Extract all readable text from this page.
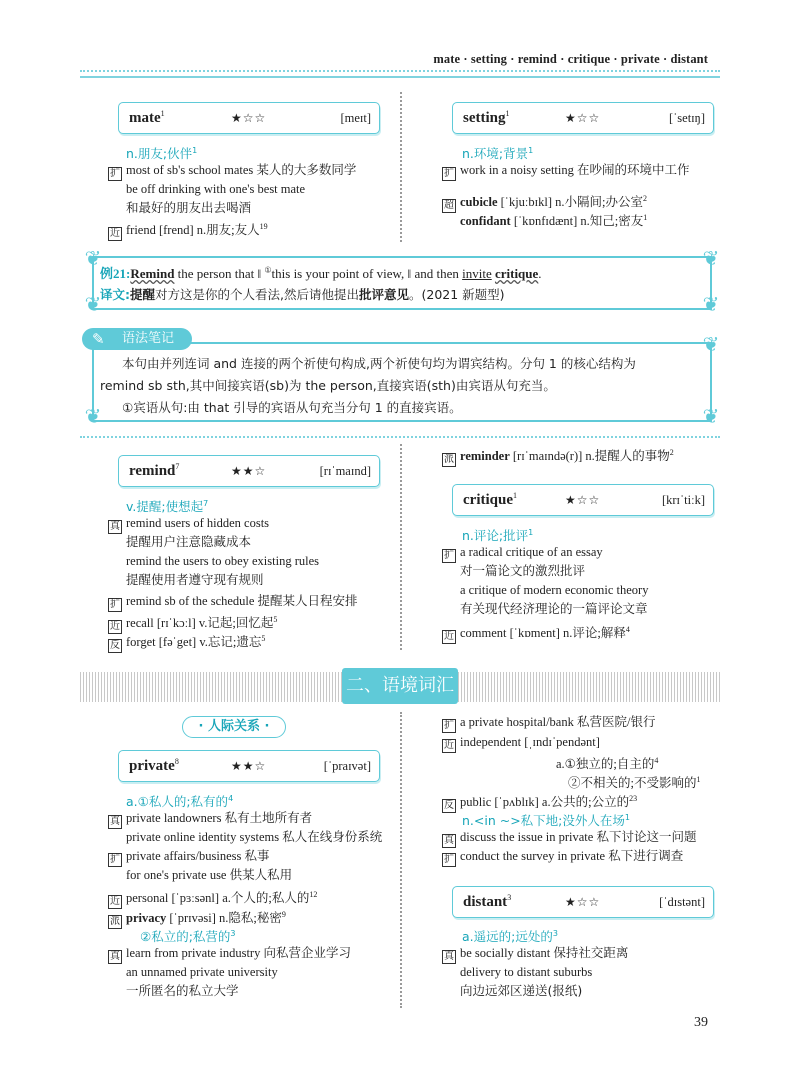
mate · setting · remind · critique · private · distant
mate$^1$	★☆☆	[meɪt]
n.朋友;伙伴$^1$
扩 most of sb's school mates 某人的大多数同学
be off drinking with one's best mate
和最好的朋友出去喝酒
近 friend [frend] n.朋友;友人$^{19}$
setting$^1$	★☆☆	[ˈsetɪŋ]
n.环境;背景$^1$
扩 work in a noisy setting 在吵闹的环境中工作
超 cubicle [ˈkjuːbɪkl] n.小隔间;办公室$^2$
confidant [ˈkɒnfɪdænt] n.知己;密友$^1$
例21:Remind the person that ‖ ①this is your point of view, ‖ and then invite critique.
译文:提醒对方这是你的个人看法,然后请他提出批评意见。(2021 新题型)
❦	❦
❦	❦
本句由并列连词 and 连接的两个祈使句构成,两个祈使句均为谓宾结构。分句 1 的核心结构为
remind sb sth,其中间接宾语(sb)为 the person,直接宾语(sth)由宾语从句充当。
①宾语从句:由 that 引导的宾语从句充当分句 1 的直接宾语。
✎ 语法笔记	❦
❦	❦
remind$^7$	★★☆	[rɪˈmaɪnd]
v.提醒;使想起$^7$
真 remind users of hidden costs
提醒用户注意隐藏成本
remind the users to obey existing rules
提醒使用者遵守现有规则
扩 remind sb of the schedule 提醒某人日程安排
近 recall [rɪˈkɔːl] v.记起;回忆起$^5$
反 forget [fəˈget] v.忘记;遗忘$^5$
派 reminder [rɪˈmaɪndə(r)] n.提醒人的事物$^2$
critique$^1$	★☆☆	[krɪˈtiːk]
n.评论;批评$^1$
扩 a radical critique of an essay
对一篇论文的激烈批评
a critique of modern economic theory
有关现代经济理论的一篇评论文章
近 comment [ˈkɒment] n.评论;解释$^4$
二、语境词汇
· 人际关系 ·
private$^8$	★★☆	[ˈpraɪvət]
a.①私人的;私有的$^4$
真 private landowners 私有土地所有者
private online identity systems 私人在线身份系统
扩 private affairs/business 私事
for one's private use 供某人私用
近 personal [ˈpɜːsənl] a.个人的;私人的$^{12}$
派 privacy [ˈprɪvəsi] n.隐私;秘密$^9$
②私立的;私营的$^3$
真 learn from private industry 向私营企业学习
an unnamed private university
一所匿名的私立大学
扩 a private hospital/bank 私营医院/银行
近 independent [ˌɪndɪˈpendənt]
a.①独立的;自主的$^4$
②不相关的;不受影响的$^1$
反 public [ˈpʌblɪk] a.公共的;公立的$^{23}$
n.<in ~>私下地;没外人在场$^1$
真 discuss the issue in private 私下讨论这一问题
扩 conduct the survey in private 私下进行调查
distant$^3$	★☆☆	[ˈdɪstənt]
a.遥远的;远处的$^3$
真 be socially distant 保持社交距离
delivery to distant suburbs
向边远郊区递送(报纸)
39
